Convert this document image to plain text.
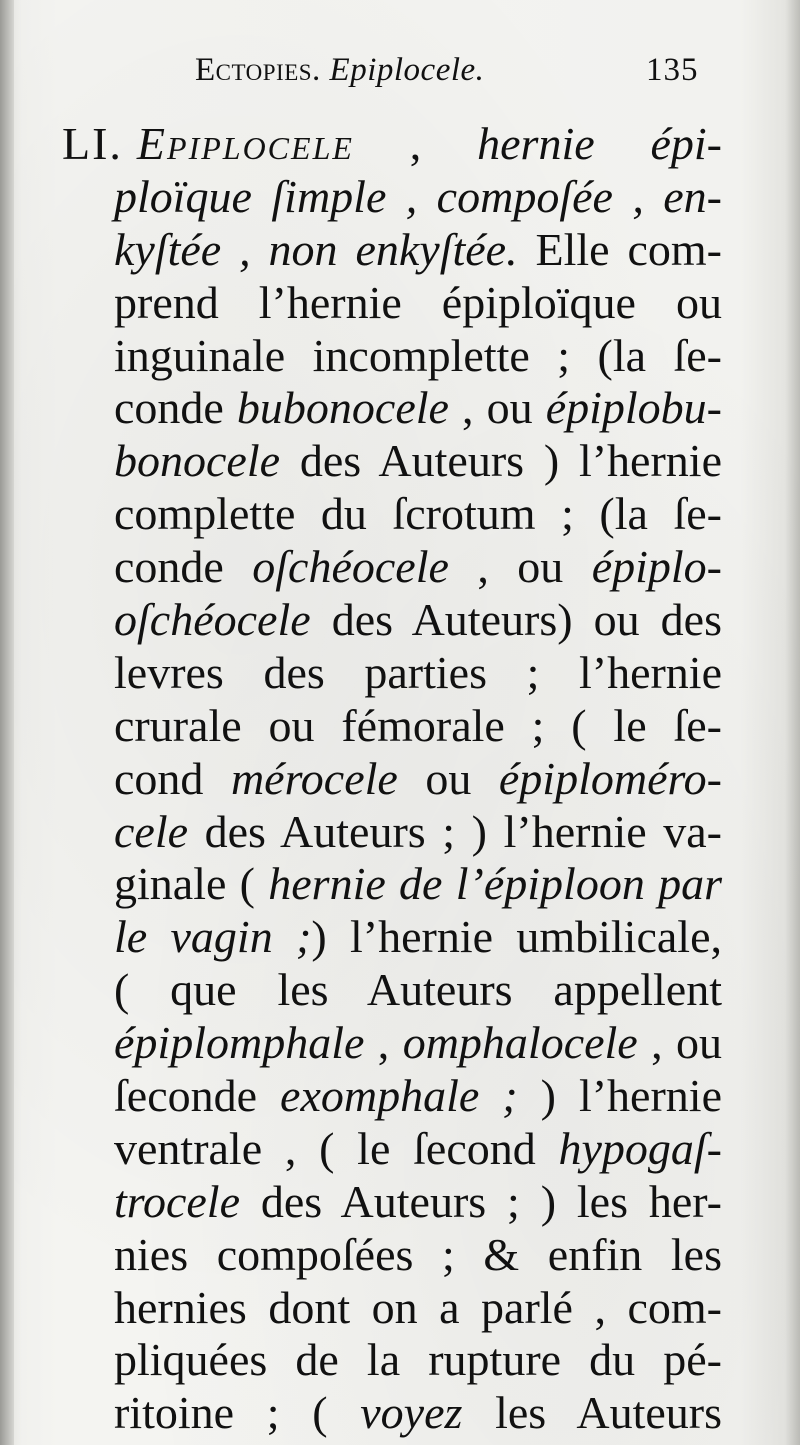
Ectopies. Epiplocele.	135
LI. Epiplocele , hernie épi-
ploïque ſimple , compoſée , en-
kyſtée , non enkyſtée. Elle com-
prend l’hernie épiploïque ou
inguinale incomplette ; (la ſe-
conde bubonocele , ou épiplobu-
bonocele des Auteurs ) l’hernie
complette du ſcrotum ; (la ſe-
conde oſchéocele , ou épiplo-
oſchéocele des Auteurs) ou des
levres des parties ; l’hernie
crurale ou fémorale ; ( le ſe-
cond mérocele ou épiploméro-
cele des Auteurs ; ) l’hernie va-
ginale ( hernie de l’épiploon par
le vagin ;) l’hernie umbilicale,
( que les Auteurs appellent
épiplomphale , omphalocele , ou
ſeconde exomphale ; ) l’hernie
ventrale , ( le ſecond hypogaſ-
trocele des Auteurs ; ) les her-
nies compoſées ; & enfin les
hernies dont on a parlé , com-
pliquées de la rupture du pé-
ritoine ; ( voyez les Auteurs
